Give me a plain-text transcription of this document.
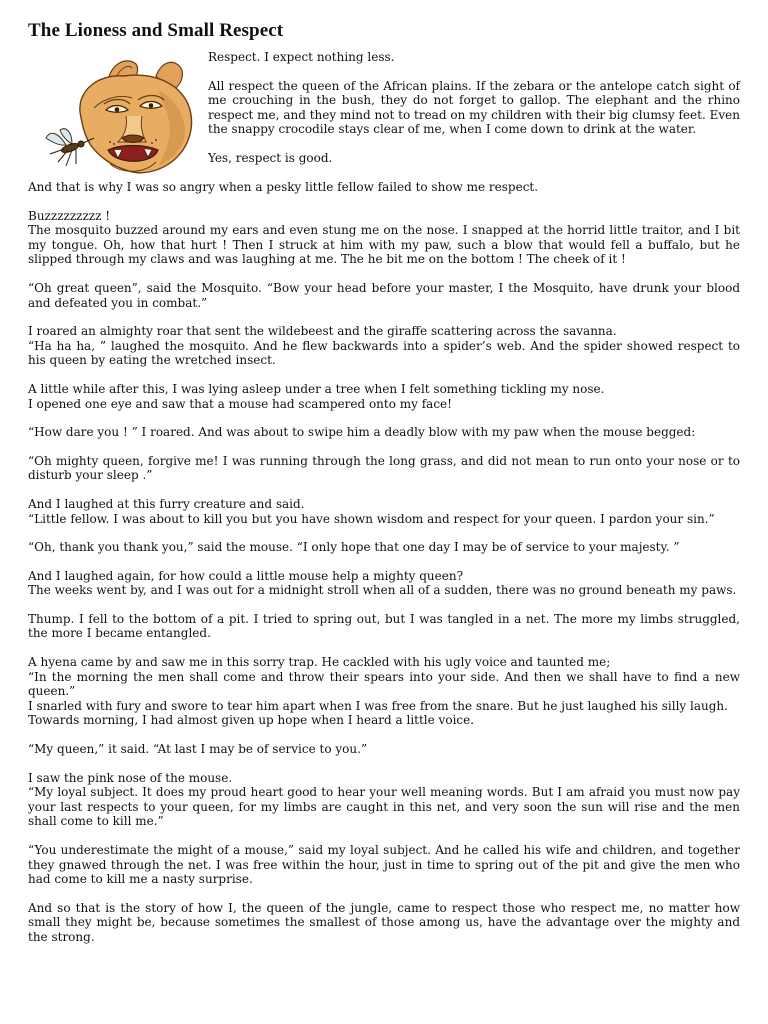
The Lioness and Small Respect

Respect. I expect nothing less.

All respect the queen of the African plains. If the zebara or the antelope catch sight of me crouching in the bush, they do not forget to gallop. The elephant and the rhino respect me, and they mind not to tread on my children with their big clumsy feet. Even the snappy crocodile stays clear of me, when I come down to drink at the water.

Yes, respect is good.

And that is why I was so angry when a pesky little fellow failed to show me respect.

Buzzzzzzzzz !
The mosquito buzzed around my ears and even stung me on the nose. I snapped at the horrid little traitor, and I bit my tongue. Oh, how that hurt ! Then I struck at him with my paw, such a blow that would fell a buffalo, but he slipped through my claws and was laughing at me. The he bit me on the bottom ! The cheek of it !

“Oh great queen”, said the Mosquito. “Bow your head before your master, I the Mosquito, have drunk your blood and defeated you in combat.”

I roared an almighty roar that sent the wildebeest and the giraffe scattering across the savanna.
“Ha ha ha, ” laughed the mosquito. And he flew backwards into a spider’s web. And the spider showed respect to his queen by eating the wretched insect.

A little while after this, I was lying asleep under a tree when I felt something tickling my nose.
I opened one eye and saw that a mouse had scampered onto my face!

“How dare you ! ” I roared. And was about to swipe him a deadly blow with my paw when the mouse begged:

“Oh mighty queen, forgive me! I was running through the long grass, and did not mean to run onto your nose or to disturb your sleep .”

And I laughed at this furry creature and said.
“Little fellow. I was about to kill you but you have shown wisdom and respect for your queen. I pardon your sin.”

“Oh, thank you thank you,” said the mouse. “I only hope that one day I may be of service to your majesty. ”

And I laughed again, for how could a little mouse help a mighty queen?
The weeks went by, and I was out for a midnight stroll when all of a sudden, there was no ground beneath my paws.

Thump. I fell to the bottom of a pit. I tried to spring out, but I was tangled in a net. The more my limbs struggled, the more I became entangled.

A hyena came by and saw me in this sorry trap. He cackled with his ugly voice and taunted me;
“In the morning the men shall come and throw their spears into your side. And then we shall have to find a new queen.”
I snarled with fury and swore to tear him apart when I was free from the snare. But he just laughed his silly laugh.
Towards morning, I had almost given up hope when I heard a little voice.

“My queen,” it said. “At last I may be of service to you.”

I saw the pink nose of the mouse.
“My loyal subject. It does my proud heart good to hear your well meaning words. But I am afraid you must now pay your last respects to your queen, for my limbs are caught in this net, and very soon the sun will rise and the men shall come to kill me.”

“You underestimate the might of a mouse,” said my loyal subject. And he called his wife and children, and together they gnawed through the net. I was free within the hour, just in time to spring out of the pit and give the men who had come to kill me a nasty surprise.

And so that is the story of how I, the queen of the jungle, came to respect those who respect me, no matter how small they might be, because sometimes the smallest of those among us, have the advantage over the mighty and the strong.
